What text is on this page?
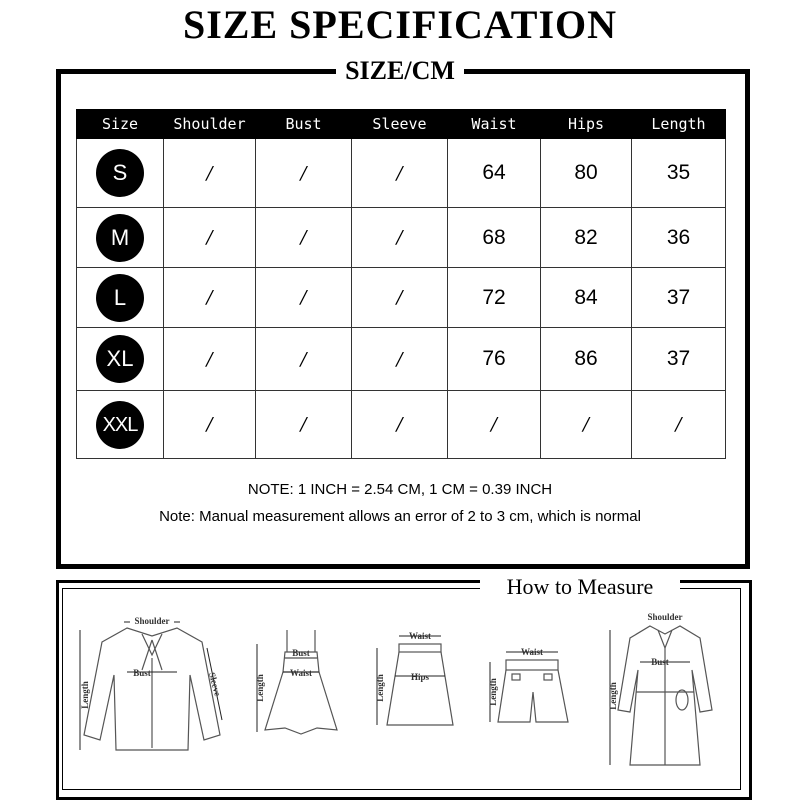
SIZE SPECIFICATION
SIZE/CM
Size	Shoulder	Bust	Sleeve	Waist	Hips	Length
S	/	/	/	64	80	35
M	/	/	/	68	82	36
L	/	/	/	72	84	37
XL	/	/	/	76	86	37
XXL	/	/	/	/	/	/
NOTE: 1 INCH = 2.54 CM, 1 CM = 0.39 INCH
Note: Manual measurement allows an error of 2 to 3 cm, which is normal
How to Measure
Shoulder
Bust
Length	Sleeve
Bust
Waist
Length
Waist
Hips
Length
Waist
Length
Shoulder
Bust
Length
